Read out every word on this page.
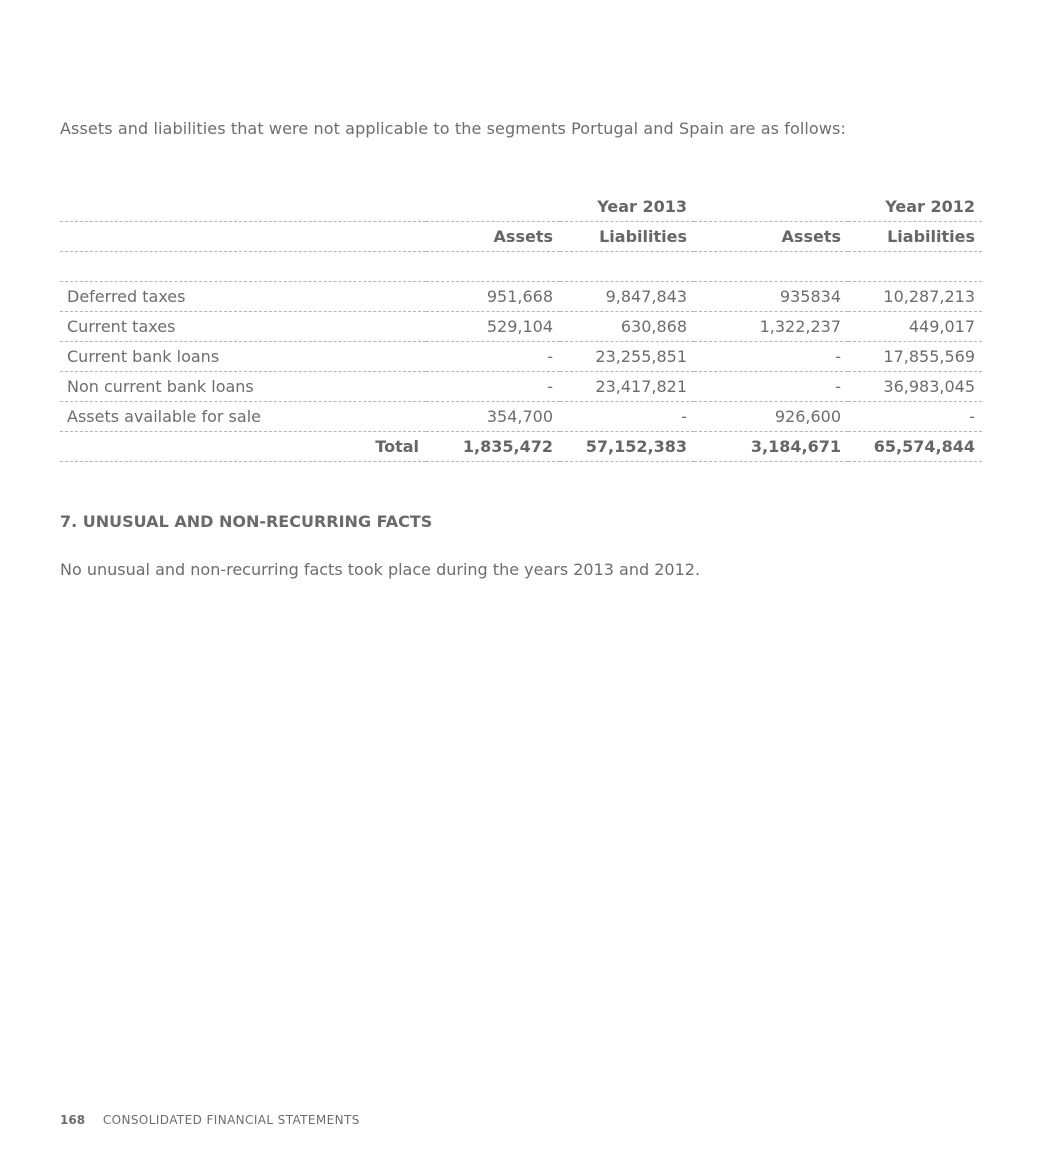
Assets and liabilities that were not applicable to the segments Portugal and Spain are as follows:
		Year 2013		Year 2012
	Assets	Liabilities	Assets	Liabilities

Deferred taxes	951,668	9,847,843	935834	10,287,213
Current taxes	529,104	630,868	1,322,237	449,017
Current bank loans	-	23,255,851	-	17,855,569
Non current bank loans	-	23,417,821	-	36,983,045
Assets available for sale	354,700	-	926,600	-
Total	1,835,472	57,152,383	3,184,671	65,574,844
7. UNUSUAL AND NON-RECURRING FACTS
No unusual and non-recurring facts took place during the years 2013 and 2012.
168 CONSOLIDATED FINANCIAL STATEMENTS
